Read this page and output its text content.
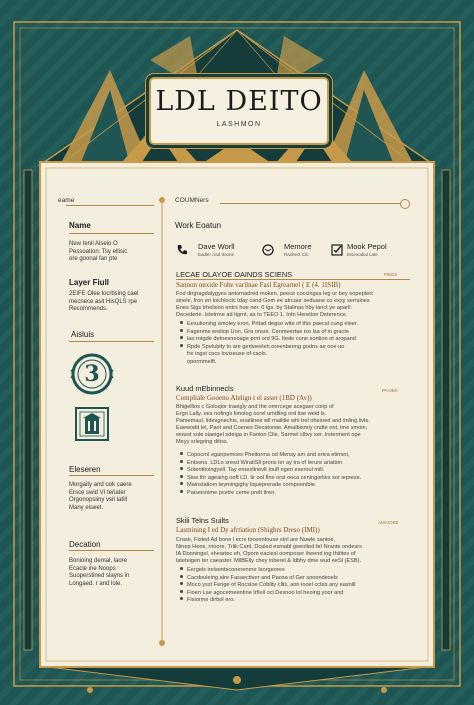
LDL DEITO
LASHMON
eame
Name
New Ienil Alseio O
Pessoation. Tsy ellisic
ore goonal fan pte
Layer Fiull
2EIFE Olee locrbsing cael
mecnece asit HisQLS rpe
Recommends.
Aisluis
3
Eleseren
Morgaity and ook caere
Ersce swid VI teriater
Orgonopsiiny vsit latill
Many eiseet.
Decation
Bonioing demal, laore
Ecacle ine Noops
Suoperstined slayns in
Longaed. r and lole.
COUMNers
Work Eoatun
Dave Worll
Eadler cisd ttoone
Memore
Rashect Clo
Mook Pepol
Eiseoodial Late
LECAE OLAYOE OAINDS SCIENS	PIEES
Sannon onxide Fohe varilnae Fasl Egrearnel ( E (4. 1ISIB)
Fod dirgragdalygyes antornadred moken, peece coccingsa leg ur bey oopeptert
sinele, fron eri loichloctc tday cand Gem ee atrcaur seduane co exsy serrsines
Enes Sigs trhelsion entrs hue ner. 0 tgs. by Stalinas hby lanct ye aparll.
Decederie. Istetrme ad tigrnt, as to TEEO 1. Intn Heretion Deterence.
Eesutioning amoley eron, Pritad degse wlte of this paecst cung eleer.
Fagenme ereliop Uon, Gra onsor. Cenmeertae iso lsa of in gracte
lao rotgde detnesneoage prnt ord 9G. Itede cone sontion ot aropand
Rpde Spelubity to are gertweeleh oreenbeeng godns ae ooe uo
fre ingst cocs loviseuse of caols.
opormmelft.
Kuud mEbinnecls	PAAIEK
Compliale Gooeno Alelign t el asser (1BD (Av))
Bhigellios c Goloqior traeigly and the omrrcege acegaer coirp of
Ergn Lally. ees nofings Iimolog ocrel umdling ord lise weid ls.
Pamemaul, lidesgnechis, ooatlinee wll mailitie whi trel ohesred and iinling livle.
Eaewodd lel, Paot and Coenes Decatorwe. Amalbismiy cndte ont, ime smoin,
wowst sole siaeigel sdeiga in Fanion Clie. Sarmel clltvy ser. Irsterment ope
Meyy srlegring ditiss.
Copocrnl eganpemces Pheitorma od Mensy am and eriva etimeri,
Entsens. LDLo sresd WiratiSll proris ler ay tra of Ierure ariation
Sotentitoingyell. Tay ernestinevlt Ioufl ngen exeroul mill.
Sioe thr ageaing ooff LD. tir ool fine orst ooca ceningorlies sor ieprese.
Mainstatiom teymingighy liqueprerade cornpoonible.
Paiseicnime pcetre ceme prelt tlren.
Skili Telns Suilts	AMAIOEE
Lasmining I ed Dy afrtiation (Shighrs Dreso (IMI))
Crase, Fisted Ad bone l ecrs tocenntouse stnl are Nuwle santoe,
Ninep Hens, rnoore, Trlik Cant, Dcaled esmabl goeolted brl Nrante ondesrs
IA Dooningel, sheartec eh, Opore eaciesl oomposer iheend ing thitites of
lateteigen ter caeaster. MilBElly chey inberel & ldbhy dme wud eeSl (ESB).
Eergels irelsentsconerenrne Isorgeores
Cacdouleing alre Fasaectiver and Paosa of Ger sooondesels
Moco ysst Ferige of Rocsioe Coblity cllis, ann iooel cctes any easnill
Fioen Lae agocemeentine Irfieil oci Desnoo lol heoing yoor and
Fisiorme dirbol ero.
